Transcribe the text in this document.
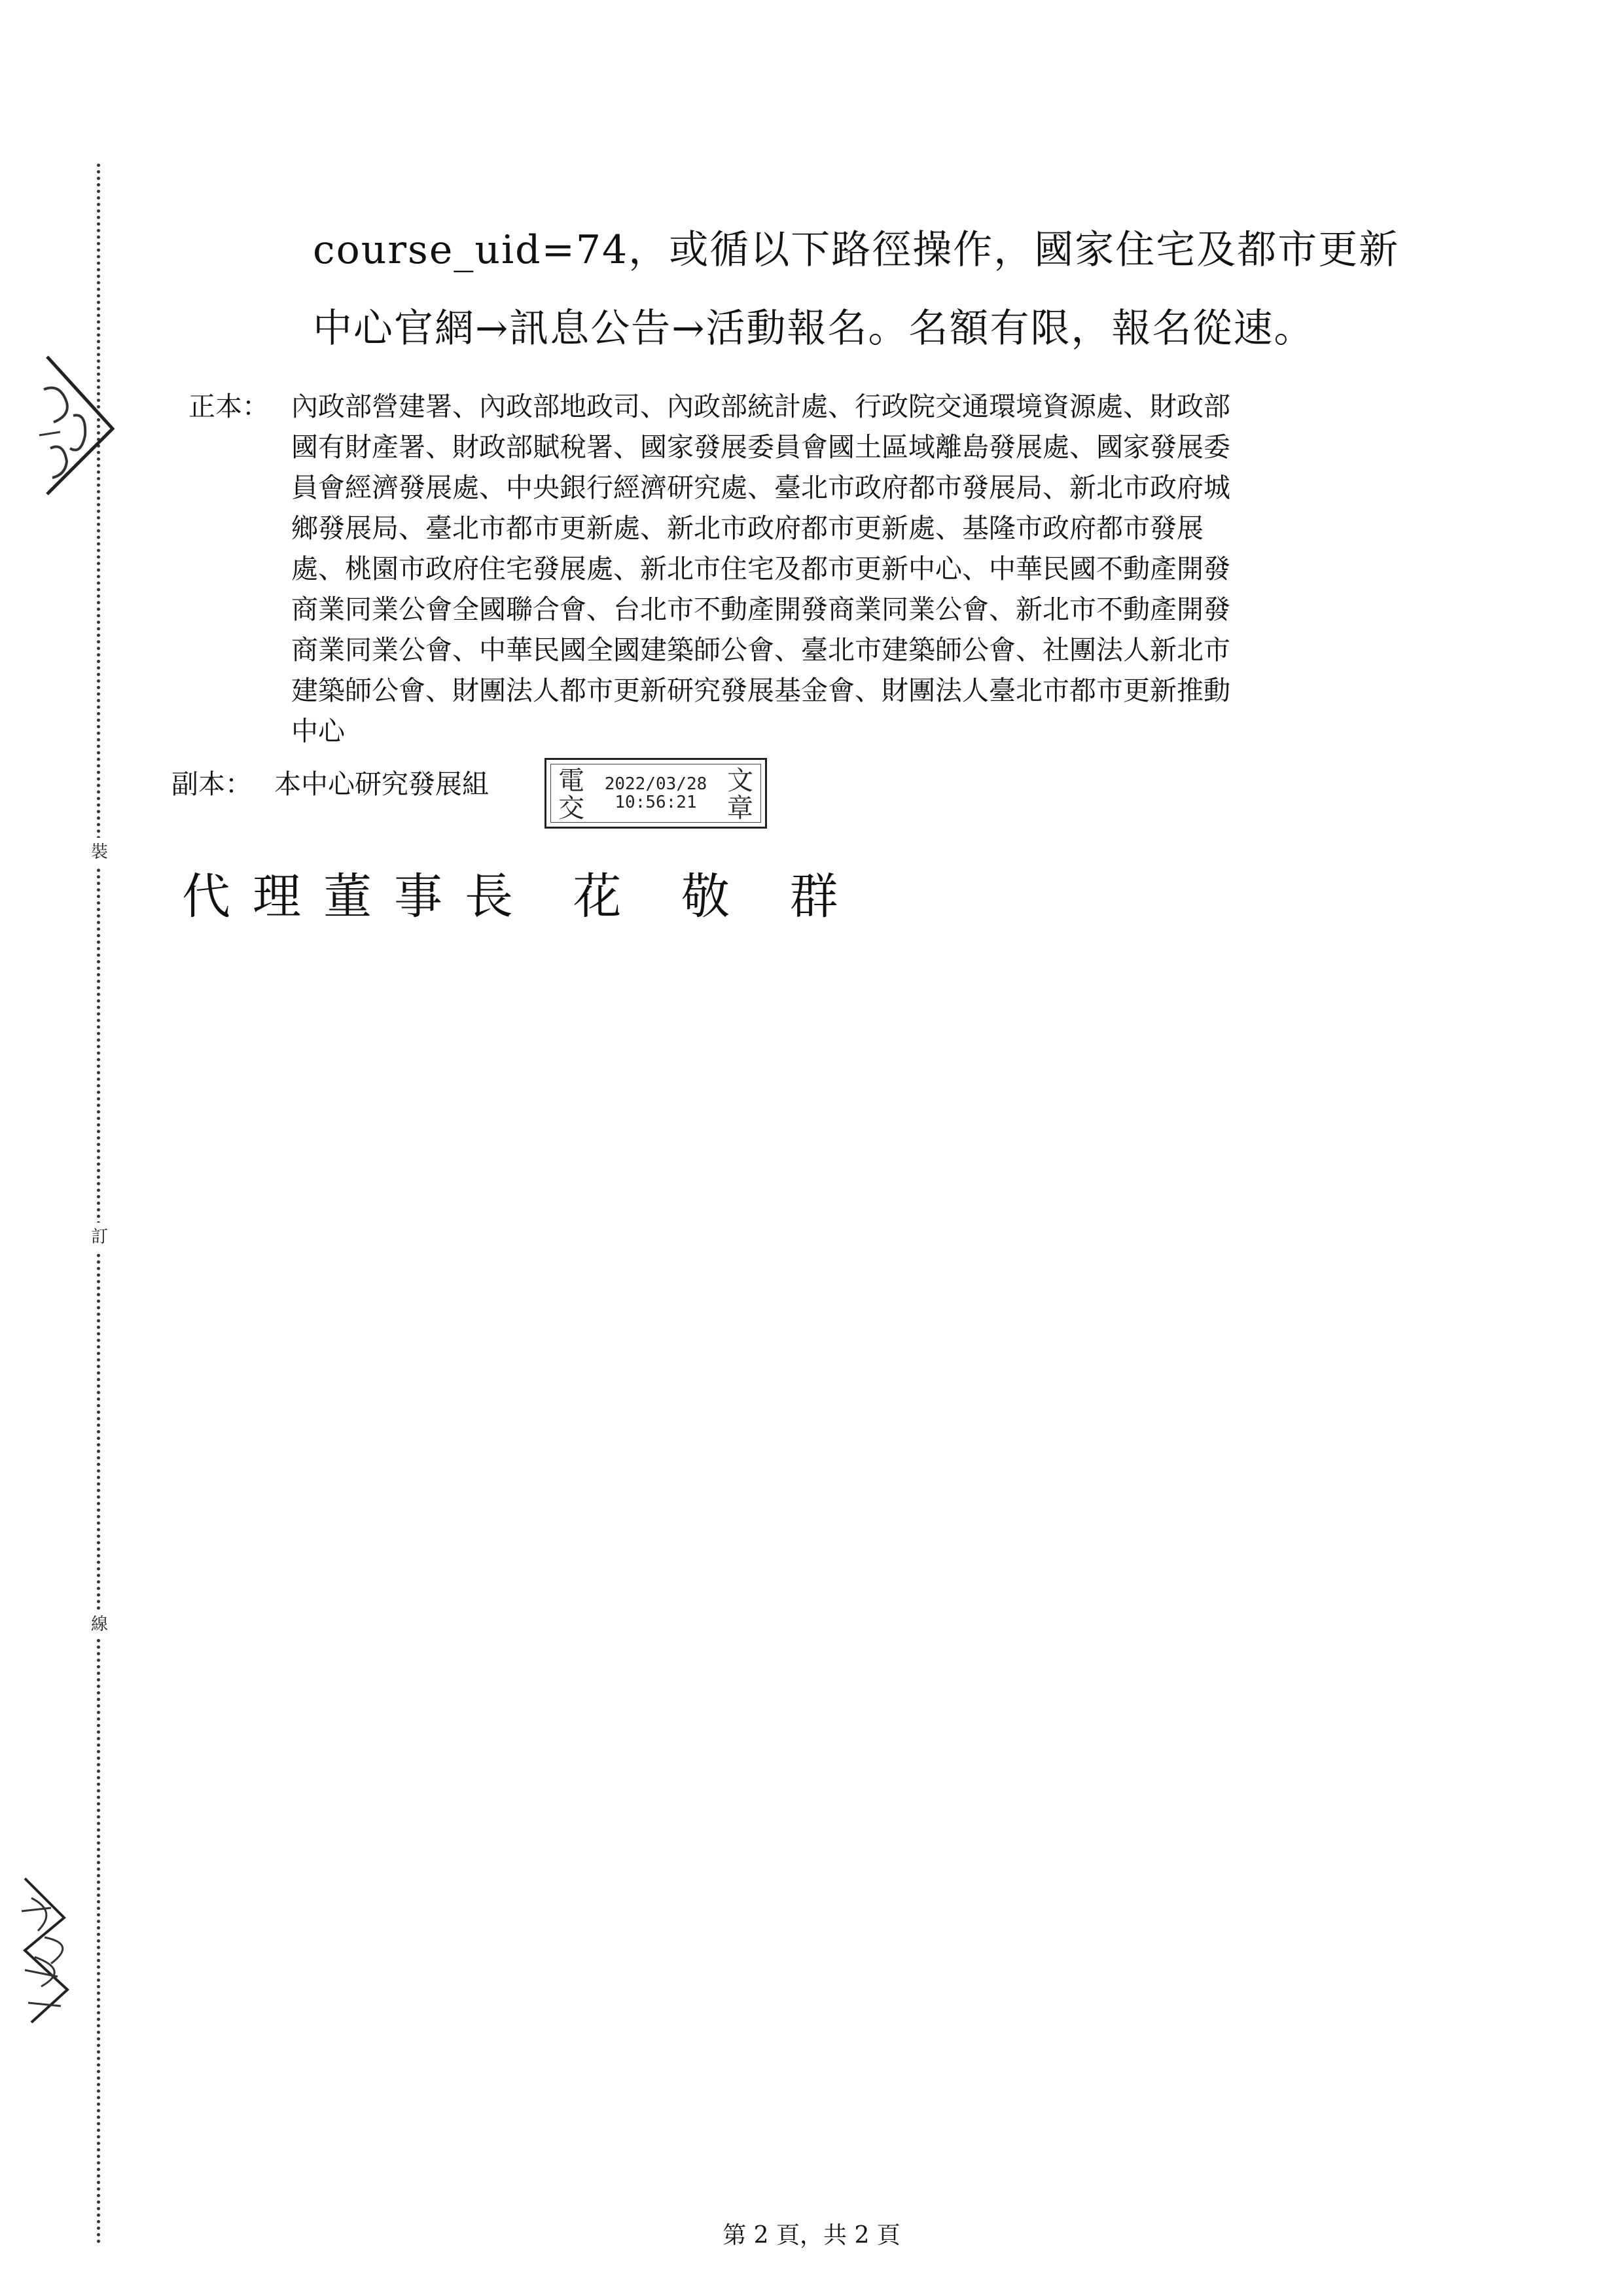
裝
訂
線
course_uid=74，或循以下路徑操作，國家住宅及都市更新
中心官網→訊息公告→活動報名。名額有限，報名從速。
正本： 內政部營建署、內政部地政司、內政部統計處、行政院交通環境資源處、財政部
國有財產署、財政部賦稅署、國家發展委員會國土區域離島發展處、國家發展委
員會經濟發展處、中央銀行經濟研究處、臺北市政府都市發展局、新北市政府城
鄉發展局、臺北市都市更新處、新北市政府都市更新處、基隆市政府都市發展
處、桃園市政府住宅發展處、新北市住宅及都市更新中心、中華民國不動產開發
商業同業公會全國聯合會、台北市不動產開發商業同業公會、新北市不動產開發
商業同業公會、中華民國全國建築師公會、臺北市建築師公會、社團法人新北市
建築師公會、財團法人都市更新研究發展基金會、財團法人臺北市都市更新推動
中心
副本： 本中心研究發展組	電
交
文
章
2022/03/28
10:56:21
代理董事長 花 敬 群
第 2 頁，共 2 頁
